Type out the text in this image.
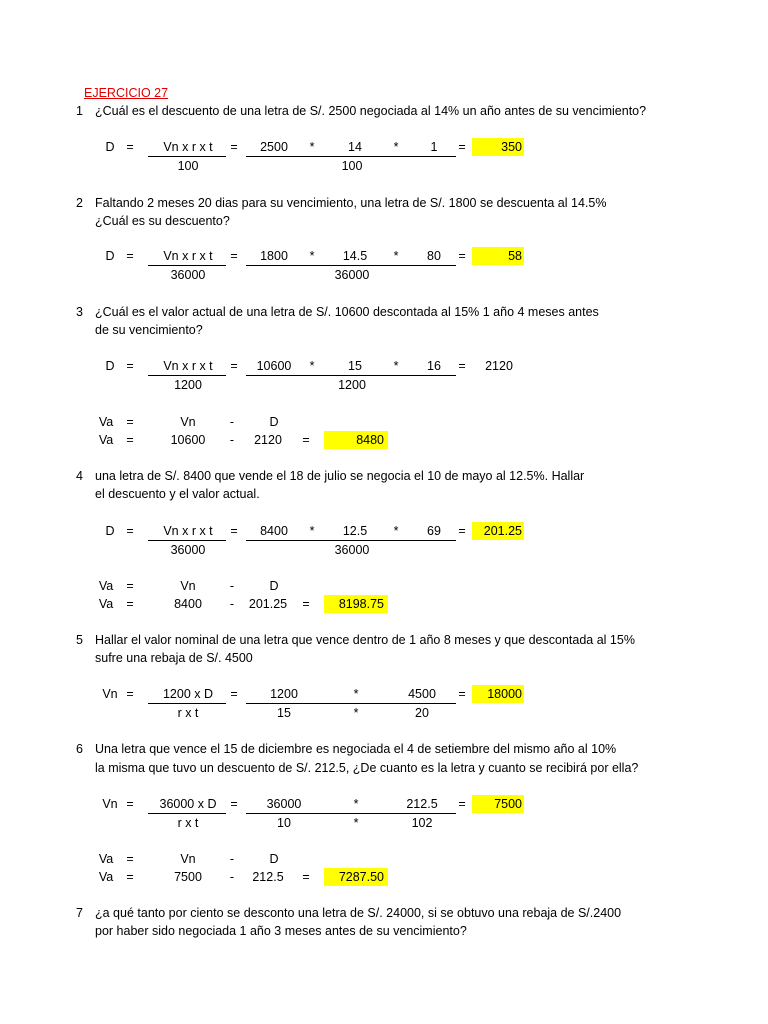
EJERCICIO 27
1 ¿Cuál es el descuento de una letra de S/. 2500 negociada al 14% un año antes de su vencimiento?
D =	Vn x r x t
100
=	2500	*	14	*	1
100
=	350
2 Faltando 2 meses 20 dias para su vencimiento, una letra de S/. 1800 se descuenta al 14.5%
¿Cuál es su descuento?
D =	Vn x r x t
36000
=	1800	*	14.5	*	80
36000
=	58
3 ¿Cuál es el valor actual de una letra de S/. 10600 descontada al 15% 1 año 4 meses antes
de su vencimiento?
D =	Vn x r x t
1200
=	10600	*	15	*	16
1200
=	2120
Va	=	Vn	-	D
Va	=	10600	-	2120	=	8480
4 una letra de S/. 8400 que vende el 18 de julio se negocia el 10 de mayo al 12.5%. Hallar
el descuento y el valor actual.
D =	Vn x r x t
36000
=	8400	*	12.5	*	69
36000
=	201.25
Va	=	Vn	-	D
Va	=	8400	-	201.25	=	8198.75
5 Hallar el valor nominal de una letra que vence dentro de 1 año 8 meses y que descontada al 15%
sufre una rebaja de S/. 4500
Vn =	1200 x D
r x t
=	1200	*	4500
15	*	20
=	18000
6 Una letra que vence el 15 de diciembre es negociada el 4 de setiembre del mismo año al 10%
la misma que tuvo un descuento de S/. 212.5, ¿De cuanto es la letra y cuanto se recibirá por ella?
Vn =	36000 x D
r x t
=	36000	*	212.5
10	*	102
=	7500
Va	=	Vn	-	D
Va	=	7500	-	212.5	=	7287.50
7 ¿a qué tanto por ciento se desconto una letra de S/. 24000, si se obtuvo una rebaja de S/.2400
por haber sido negociada 1 año 3 meses antes de su vencimiento?
